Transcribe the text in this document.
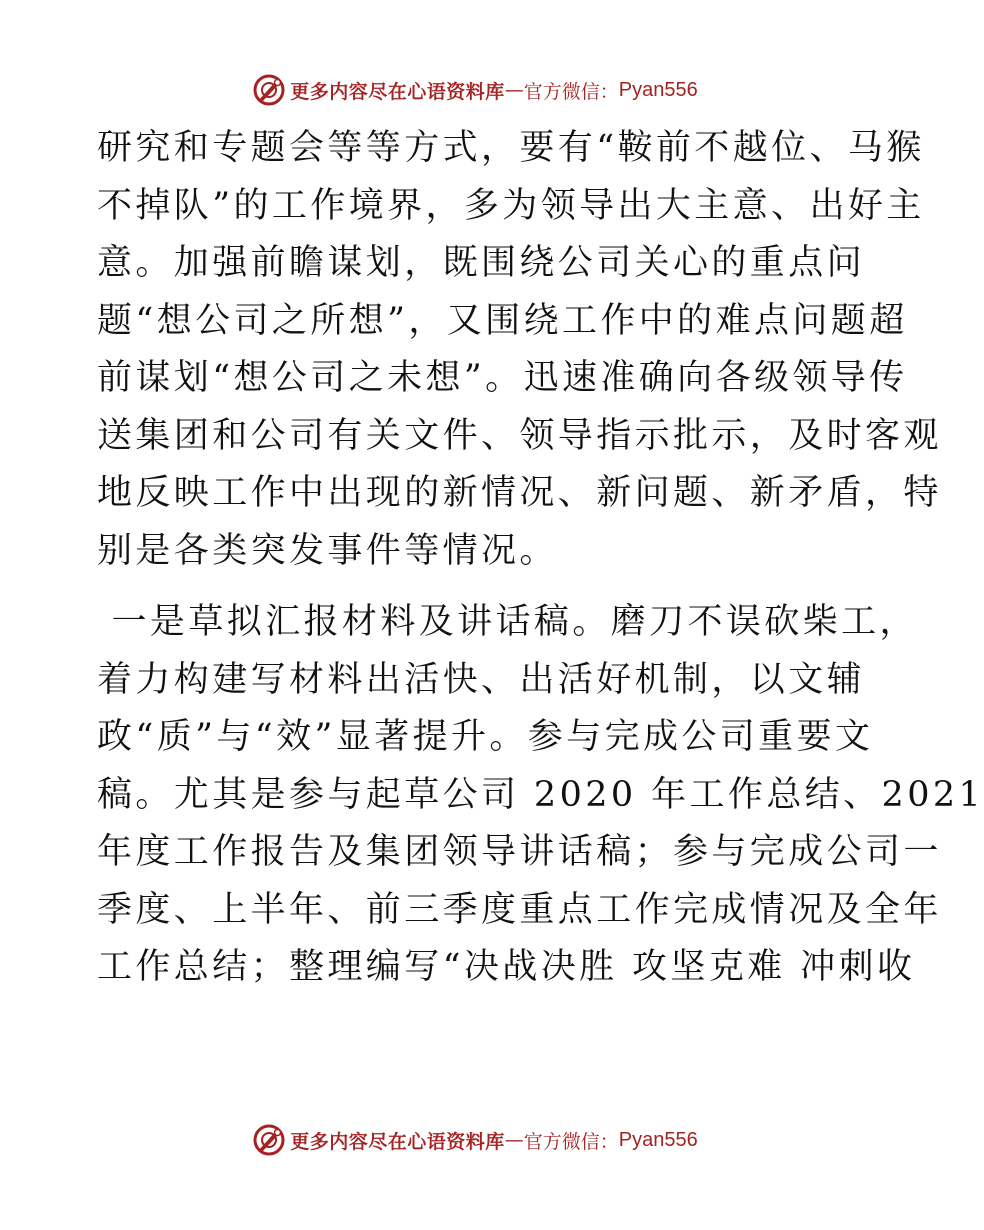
更多内容尽在心语资料库 — 官方微信： Pyan556
研究和专题会等等方式，要有“鞍前不越位、马猴
不掉队”的工作境界，多为领导出大主意、出好主
意。加强前瞻谋划，既围绕公司关心的重点问
题“想公司之所想”，又围绕工作中的难点问题超
前谋划“想公司之未想”。迅速准确向各级领导传
送集团和公司有关文件、领导指示批示，及时客观
地反映工作中出现的新情况、新问题、新矛盾，特
别是各类突发事件等情况。
一是草拟汇报材料及讲话稿。磨刀不误砍柴工，
着力构建写材料出活快、出活好机制，以文辅
政“质”与“效”显著提升。参与完成公司重要文
稿。尤其是参与起草公司 2020 年工作总结、2021
年度工作报告及集团领导讲话稿；参与完成公司一
季度、上半年、前三季度重点工作完成情况及全年
工作总结；整理编写“决战决胜 攻坚克难 冲刺收
更多内容尽在心语资料库 — 官方微信： Pyan556
